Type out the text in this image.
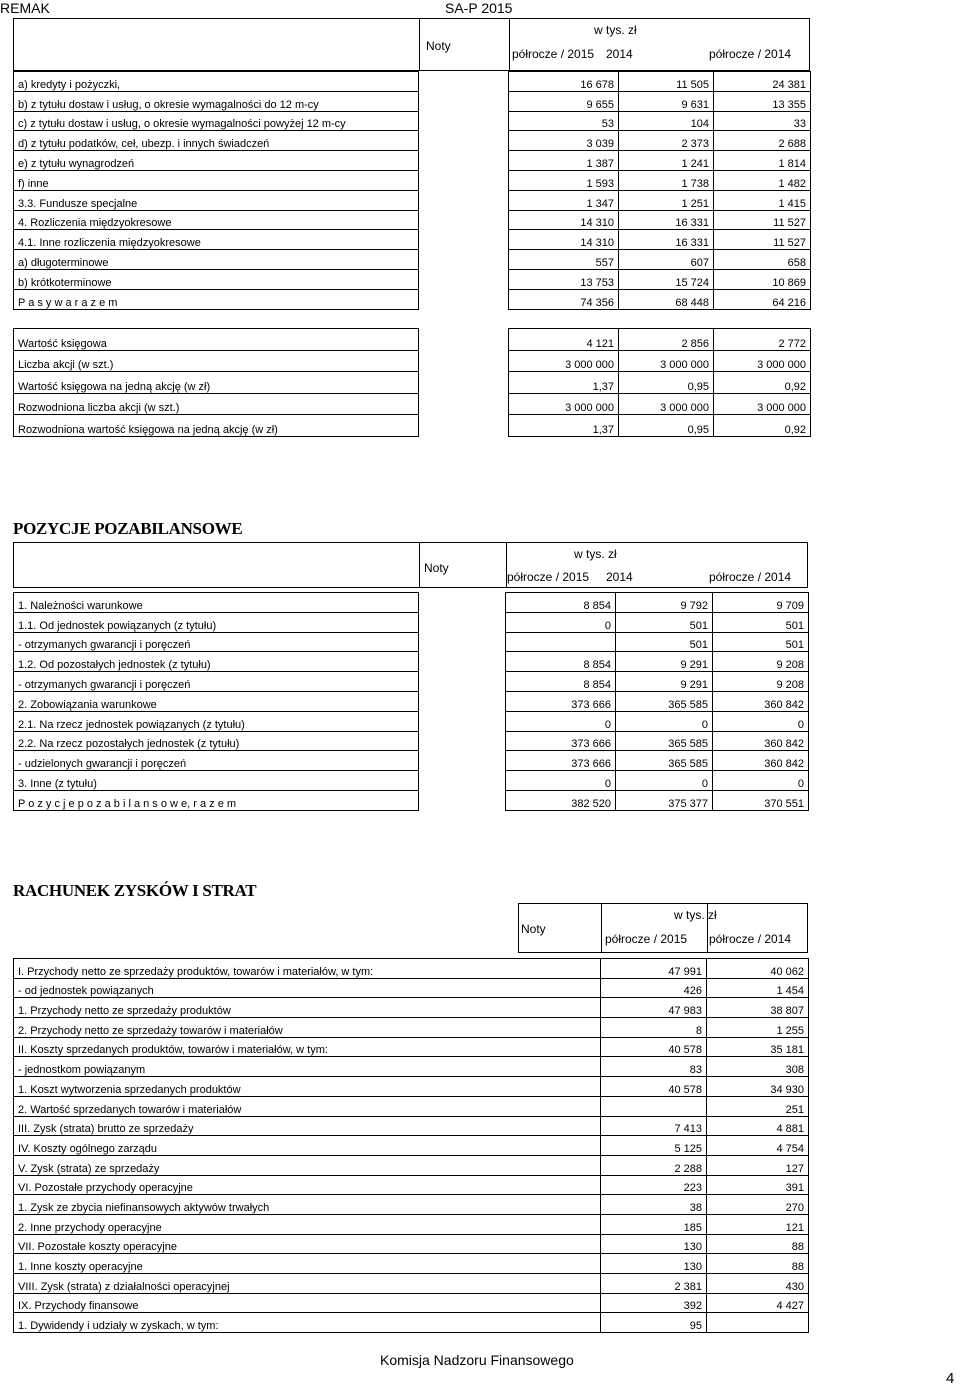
REMAK	SA-P 2015
Noty
w tys. zł
półrocze / 2015 2014	półrocze / 2014
a) kredyty i pożyczki,		16 678	11 505	24 381
b) z tytułu dostaw i usług, o okresie wymagalności do 12 m-cy		9 655	9 631	13 355
c) z tytułu dostaw i usług, o okresie wymagalności powyżej 12 m-cy		53	104	33
d) z tytułu podatków, ceł, ubezp. i innych świadczeń		3 039	2 373	2 688
e) z tytułu wynagrodzeń		1 387	1 241	1 814
f) inne		1 593	1 738	1 482
3.3. Fundusze specjalne		1 347	1 251	1 415
4. Rozliczenia międzyokresowe		14 310	16 331	11 527
4.1. Inne rozliczenia międzyokresowe		14 310	16 331	11 527
a) długoterminowe		557	607	658
b) krótkoterminowe		13 753	15 724	10 869
P a s y w a r a z e m		74 356	68 448	64 216
Wartość księgowa		4 121	2 856	2 772
Liczba akcji (w szt.)		3 000 000	3 000 000	3 000 000
Wartość księgowa na jedną akcję (w zł)		1,37	0,95	0,92
Rozwodniona liczba akcji (w szt.)		3 000 000	3 000 000	3 000 000
Rozwodniona wartość księgowa na jedną akcję (w zł)		1,37	0,95	0,92
POZYCJE POZABILANSOWE
Noty
w tys. zł
półrocze / 2015 2014	półrocze / 2014
1. Należności warunkowe		8 854	9 792	9 709
1.1. Od jednostek powiązanych (z tytułu)		0	501	501
- otrzymanych gwarancji i poręczeń			501	501
1.2. Od pozostałych jednostek (z tytułu)		8 854	9 291	9 208
- otrzymanych gwarancji i poręczeń		8 854	9 291	9 208
2. Zobowiązania warunkowe		373 666	365 585	360 842
2.1. Na rzecz jednostek powiązanych (z tytułu)		0	0	0
2.2. Na rzecz pozostałych jednostek (z tytułu)		373 666	365 585	360 842
- udzielonych gwarancji i poręczeń		373 666	365 585	360 842
3. Inne (z tytułu)		0	0	0
P o z y c j e p o z a b i l a n s o w e, r a z e m		382 520	375 377	370 551
RACHUNEK ZYSKÓW I STRAT
Noty
w tys. zł
półrocze / 2015 półrocze / 2014
I. Przychody netto ze sprzedaży produktów, towarów i materiałów, w tym:	47 991	40 062
- od jednostek powiązanych	426	1 454
1. Przychody netto ze sprzedaży produktów	47 983	38 807
2. Przychody netto ze sprzedaży towarów i materiałów	8	1 255
II. Koszty sprzedanych produktów, towarów i materiałów, w tym:	40 578	35 181
- jednostkom powiązanym	83	308
1. Koszt wytworzenia sprzedanych produktów	40 578	34 930
2. Wartość sprzedanych towarów i materiałów		251
III. Zysk (strata) brutto ze sprzedaży	7 413	4 881
IV. Koszty ogólnego zarządu	5 125	4 754
V. Zysk (strata) ze sprzedaży	2 288	127
VI. Pozostałe przychody operacyjne	223	391
1. Zysk ze zbycia niefinansowych aktywów trwałych	38	270
2. Inne przychody operacyjne	185	121
VII. Pozostałe koszty operacyjne	130	88
1. Inne koszty operacyjne	130	88
VIII. Zysk (strata) z działalności operacyjnej	2 381	430
IX. Przychody finansowe	392	4 427
1. Dywidendy i udziały w zyskach, w tym:	95	
Komisja Nadzoru Finansowego
4
